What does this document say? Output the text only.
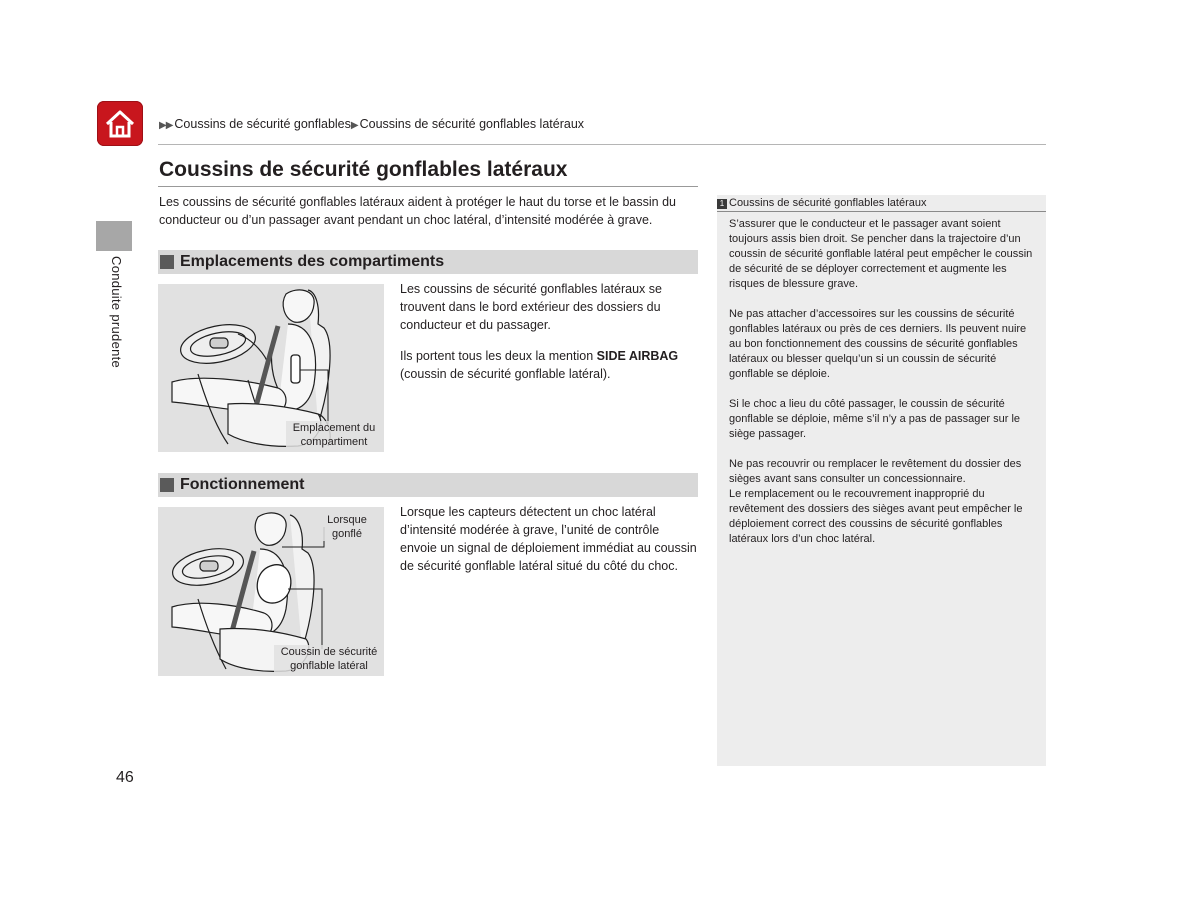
▶▶ Coussins de sécurité gonflables▶ Coussins de sécurité gonflables latéraux
Conduite prudente
Coussins de sécurité gonflables latéraux

Les coussins de sécurité gonflables latéraux aident à protéger le haut du torse et le bassin du conducteur ou d’un passager avant pendant un choc latéral, d’intensité modérée à grave.

Emplacements des compartiments
Emplacement du
compartiment

Les coussins de sécurité gonflables latéraux se trouvent dans le bord extérieur des dossiers du conducteur et du passager.

Ils portent tous les deux la mention SIDE AIRBAG (coussin de sécurité gonflable latéral).

Fonctionnement
Lorsque
gonflé
Coussin de sécurité
gonflable latéral

Lorsque les capteurs détectent un choc latéral d’intensité modérée à grave, l’unité de contrôle envoie un signal de déploiement immédiat au coussin de sécurité gonflable latéral situé du côté du choc.

1 Coussins de sécurité gonflables latéraux

S’assurer que le conducteur et le passager avant soient toujours assis bien droit. Se pencher dans la trajectoire d’un coussin de sécurité gonflable latéral peut empêcher le coussin de sécurité de se déployer correctement et augmente les risques de blessure grave.

Ne pas attacher d’accessoires sur les coussins de sécurité gonflables latéraux ou près de ces derniers. Ils peuvent nuire au bon fonctionnement des coussins de sécurité gonflables latéraux ou blesser quelqu’un si un coussin de sécurité gonflable se déploie.

Si le choc a lieu du côté passager, le coussin de sécurité gonflable se déploie, même s’il n’y a pas de passager sur le siège passager.

Ne pas recouvrir ou remplacer le revêtement du dossier des sièges avant sans consulter un concessionnaire.

Le remplacement ou le recouvrement inapproprié du revêtement des dossiers des sièges avant peut empêcher le déploiement correct des coussins de sécurité gonflables latéraux lors d’un choc latéral.

46
